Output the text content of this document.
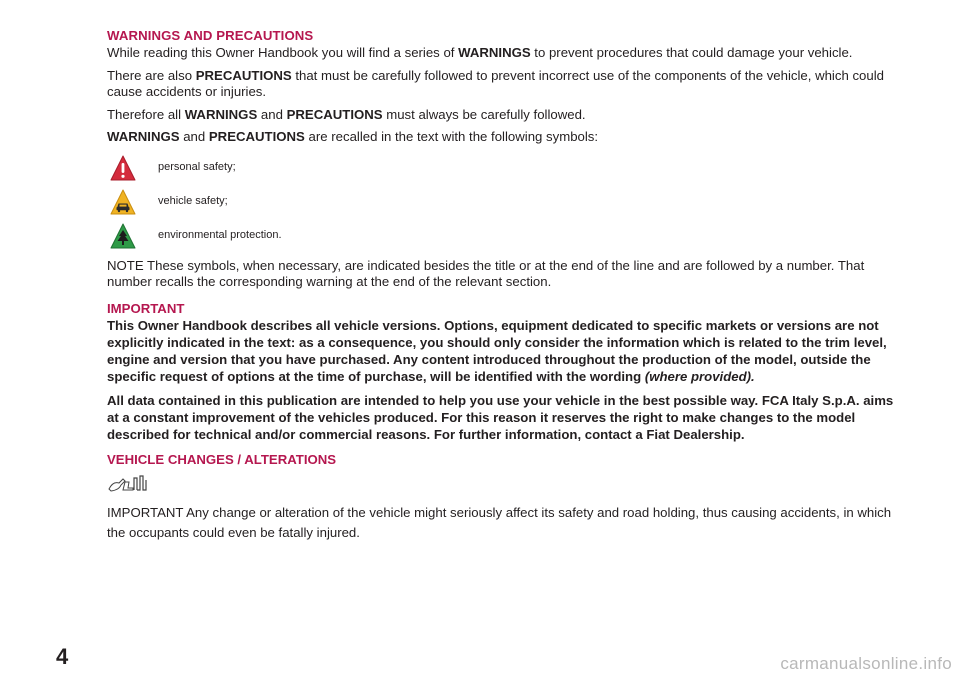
WARNINGS AND PRECAUTIONS

While reading this Owner Handbook you will find a series of WARNINGS to prevent procedures that could damage your vehicle.

There are also PRECAUTIONS that must be carefully followed to prevent incorrect use of the components of the vehicle, which could cause accidents or injuries.

Therefore all WARNINGS and PRECAUTIONS must always be carefully followed.

WARNINGS and PRECAUTIONS are recalled in the text with the following symbols:

personal safety;
vehicle safety;
environmental protection.

NOTE These symbols, when necessary, are indicated besides the title or at the end of the line and are followed by a number. That number recalls the corresponding warning at the end of the relevant section.

IMPORTANT

This Owner Handbook describes all vehicle versions. Options, equipment dedicated to specific markets or versions are not explicitly indicated in the text: as a consequence, you should only consider the information which is related to the trim level, engine and version that you have purchased. Any content introduced throughout the production of the model, outside the specific request of options at the time of purchase, will be identified with the wording (where provided).

All data contained in this publication are intended to help you use your vehicle in the best possible way. FCA Italy S.p.A. aims at a constant improvement of the vehicles produced. For this reason it reserves the right to make changes to the model described for technical and/or commercial reasons. For further information, contact a Fiat Dealership.

VEHICLE CHANGES / ALTERATIONS

IMPORTANT Any change or alteration of the vehicle might seriously affect its safety and road holding, thus causing accidents, in which the occupants could even be fatally injured.

4	carmanualsonline.info
